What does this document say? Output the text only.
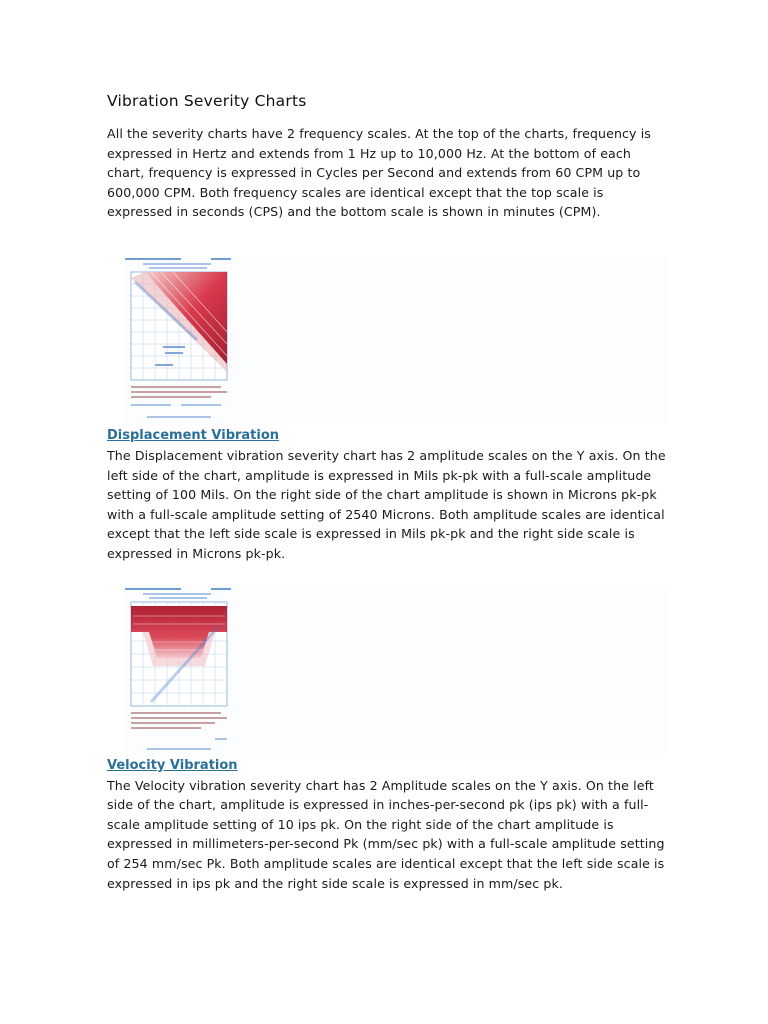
Vibration Severity Charts

All the severity charts have 2 frequency scales. At the top of the charts, frequency is expressed in Hertz and extends from 1 Hz up to 10,000 Hz. At the bottom of each chart, frequency is expressed in Cycles per Second and extends from 60 CPM up to 600,000 CPM. Both frequency scales are identical except that the top scale is expressed in seconds (CPS) and the bottom scale is shown in minutes (CPM).

Displacement Vibration

The Displacement vibration severity chart has 2 amplitude scales on the Y axis. On the left side of the chart, amplitude is expressed in Mils pk-pk with a full-scale amplitude setting of 100 Mils. On the right side of the chart amplitude is shown in Microns pk-pk with a full-scale amplitude setting of 2540 Microns. Both amplitude scales are identical except that the left side scale is expressed in Mils pk-pk and the right side scale is expressed in Microns pk-pk.

Velocity Vibration

The Velocity vibration severity chart has 2 Amplitude scales on the Y axis. On the left side of the chart, amplitude is expressed in inches-per-second pk (ips pk) with a full-scale amplitude setting of 10 ips pk. On the right side of the chart amplitude is expressed in millimeters-per-second Pk (mm/sec pk) with a full-scale amplitude setting of 254 mm/sec Pk. Both amplitude scales are identical except that the left side scale is expressed in ips pk and the right side scale is expressed in mm/sec pk.
